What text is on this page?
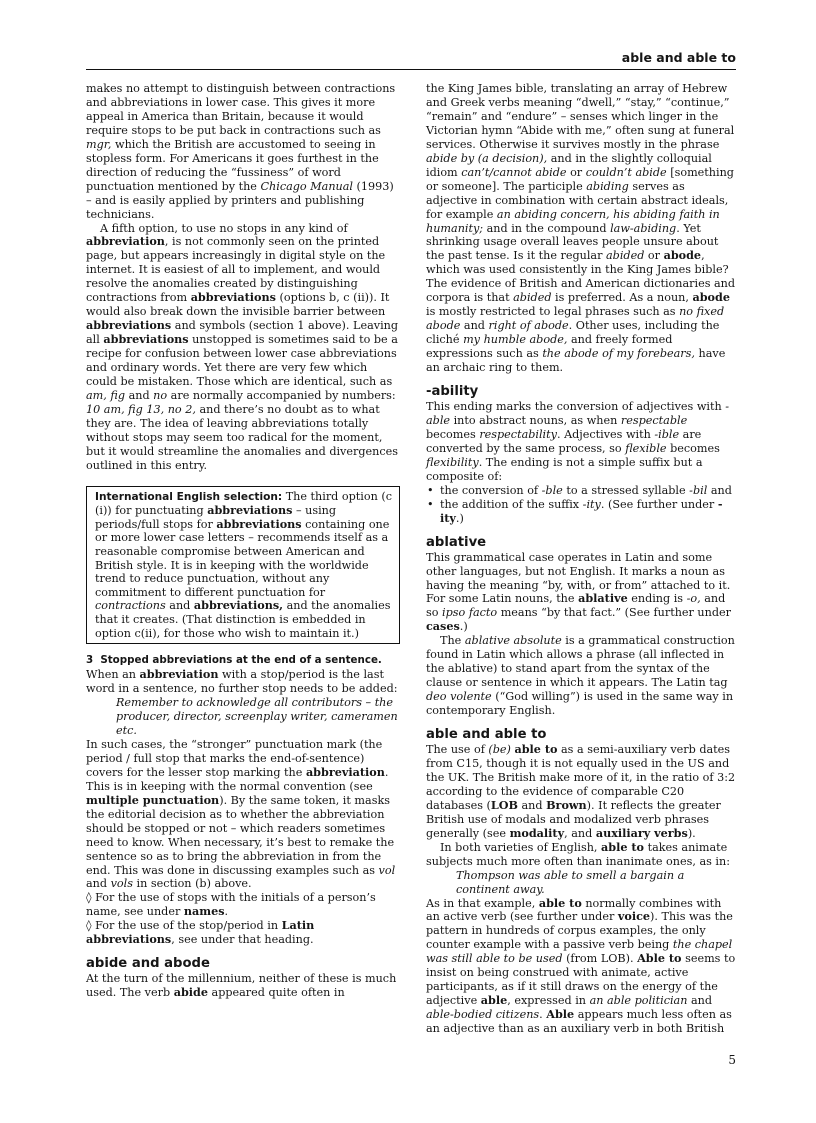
able and able to

makes no attempt to distinguish between contractions and abbreviations in lower case. This gives it more appeal in America than Britain, because it would require stops to be put back in contractions such as mgr, which the British are accustomed to seeing in stopless form. For Americans it goes furthest in the direction of reducing the “fussiness” of word punctuation mentioned by the Chicago Manual (1993) – and is easily applied by printers and publishing technicians.

A fifth option, to use no stops in any kind of abbreviation, is not commonly seen on the printed page, but appears increasingly in digital style on the internet. It is easiest of all to implement, and would resolve the anomalies created by distinguishing contractions from abbreviations (options b, c (ii)). It would also break down the invisible barrier between abbreviations and symbols (section 1 above). Leaving all abbreviations unstopped is sometimes said to be a recipe for confusion between lower case abbreviations and ordinary words. Yet there are very few which could be mistaken. Those which are identical, such as am, fig and no are normally accompanied by numbers: 10 am, fig 13, no 2, and there’s no doubt as to what they are. The idea of leaving abbreviations totally without stops may seem too radical for the moment, but it would streamline the anomalies and divergences outlined in this entry.

International English selection: The third option (c (i)) for punctuating abbreviations – using periods/full stops for abbreviations containing one or more lower case letters – recommends itself as a reasonable compromise between American and British style. It is in keeping with the worldwide trend to reduce punctuation, without any commitment to different punctuation for contractions and abbreviations, and the anomalies that it creates. (That distinction is embedded in option c(ii), for those who wish to maintain it.)

3 Stopped abbreviations at the end of a sentence.

When an abbreviation with a stop/period is the last word in a sentence, no further stop needs to be added:

Remember to acknowledge all contributors – the producer, director, screenplay writer, cameramen etc.

In such cases, the “stronger” punctuation mark (the period / full stop that marks the end-of-sentence) covers for the lesser stop marking the abbreviation. This is in keeping with the normal convention (see multiple punctuation). By the same token, it masks the editorial decision as to whether the abbreviation should be stopped or not – which readers sometimes need to know. When necessary, it’s best to remake the sentence so as to bring the abbreviation in from the end. This was done in discussing examples such as vol and vols in section (b) above.

◊ For the use of stops with the initials of a person’s name, see under names.

◊ For the use of the stop/period in Latin abbreviations, see under that heading.

abide and abode

At the turn of the millennium, neither of these is much used. The verb abide appeared quite often in

the King James bible, translating an array of Hebrew and Greek verbs meaning “dwell,” “stay,” “continue,” “remain” and “endure” – senses which linger in the Victorian hymn “Abide with me,” often sung at funeral services. Otherwise it survives mostly in the phrase abide by (a decision), and in the slightly colloquial idiom can’t/cannot abide or couldn’t abide [something or someone]. The participle abiding serves as adjective in combination with certain abstract ideals, for example an abiding concern, his abiding faith in humanity; and in the compound law-abiding. Yet shrinking usage overall leaves people unsure about the past tense. Is it the regular abided or abode, which was used consistently in the King James bible? The evidence of British and American dictionaries and corpora is that abided is preferred. As a noun, abode is mostly restricted to legal phrases such as no fixed abode and right of abode. Other uses, including the cliché my humble abode, and freely formed expressions such as the abode of my forebears, have an archaic ring to them.

-ability

This ending marks the conversion of adjectives with -able into abstract nouns, as when respectable becomes respectability. Adjectives with -ible are converted by the same process, so flexible becomes flexibility. The ending is not a simple suffix but a composite of:

• the conversion of -ble to a stressed syllable -bil and
• the addition of the suffix -ity. (See further under -ity.)

ablative

This grammatical case operates in Latin and some other languages, but not English. It marks a noun as having the meaning “by, with, or from” attached to it. For some Latin nouns, the ablative ending is -o, and so ipso facto means “by that fact.” (See further under cases.)

The ablative absolute is a grammatical construction found in Latin which allows a phrase (all inflected in the ablative) to stand apart from the syntax of the clause or sentence in which it appears. The Latin tag deo volente (“God willing”) is used in the same way in contemporary English.

able and able to

The use of (be) able to as a semi-auxiliary verb dates from C15, though it is not equally used in the US and the UK. The British make more of it, in the ratio of 3:2 according to the evidence of comparable C20 databases (LOB and Brown). It reflects the greater British use of modals and modalized verb phrases generally (see modality, and auxiliary verbs).

In both varieties of English, able to takes animate subjects much more often than inanimate ones, as in:

Thompson was able to smell a bargain a continent away.

As in that example, able to normally combines with an active verb (see further under voice). This was the pattern in hundreds of corpus examples, the only counter example with a passive verb being the chapel was still able to be used (from LOB). Able to seems to insist on being construed with animate, active participants, as if it still draws on the energy of the adjective able, expressed in an able politician and able-bodied citizens. Able appears much less often as an adjective than as an auxiliary verb in both British

5
